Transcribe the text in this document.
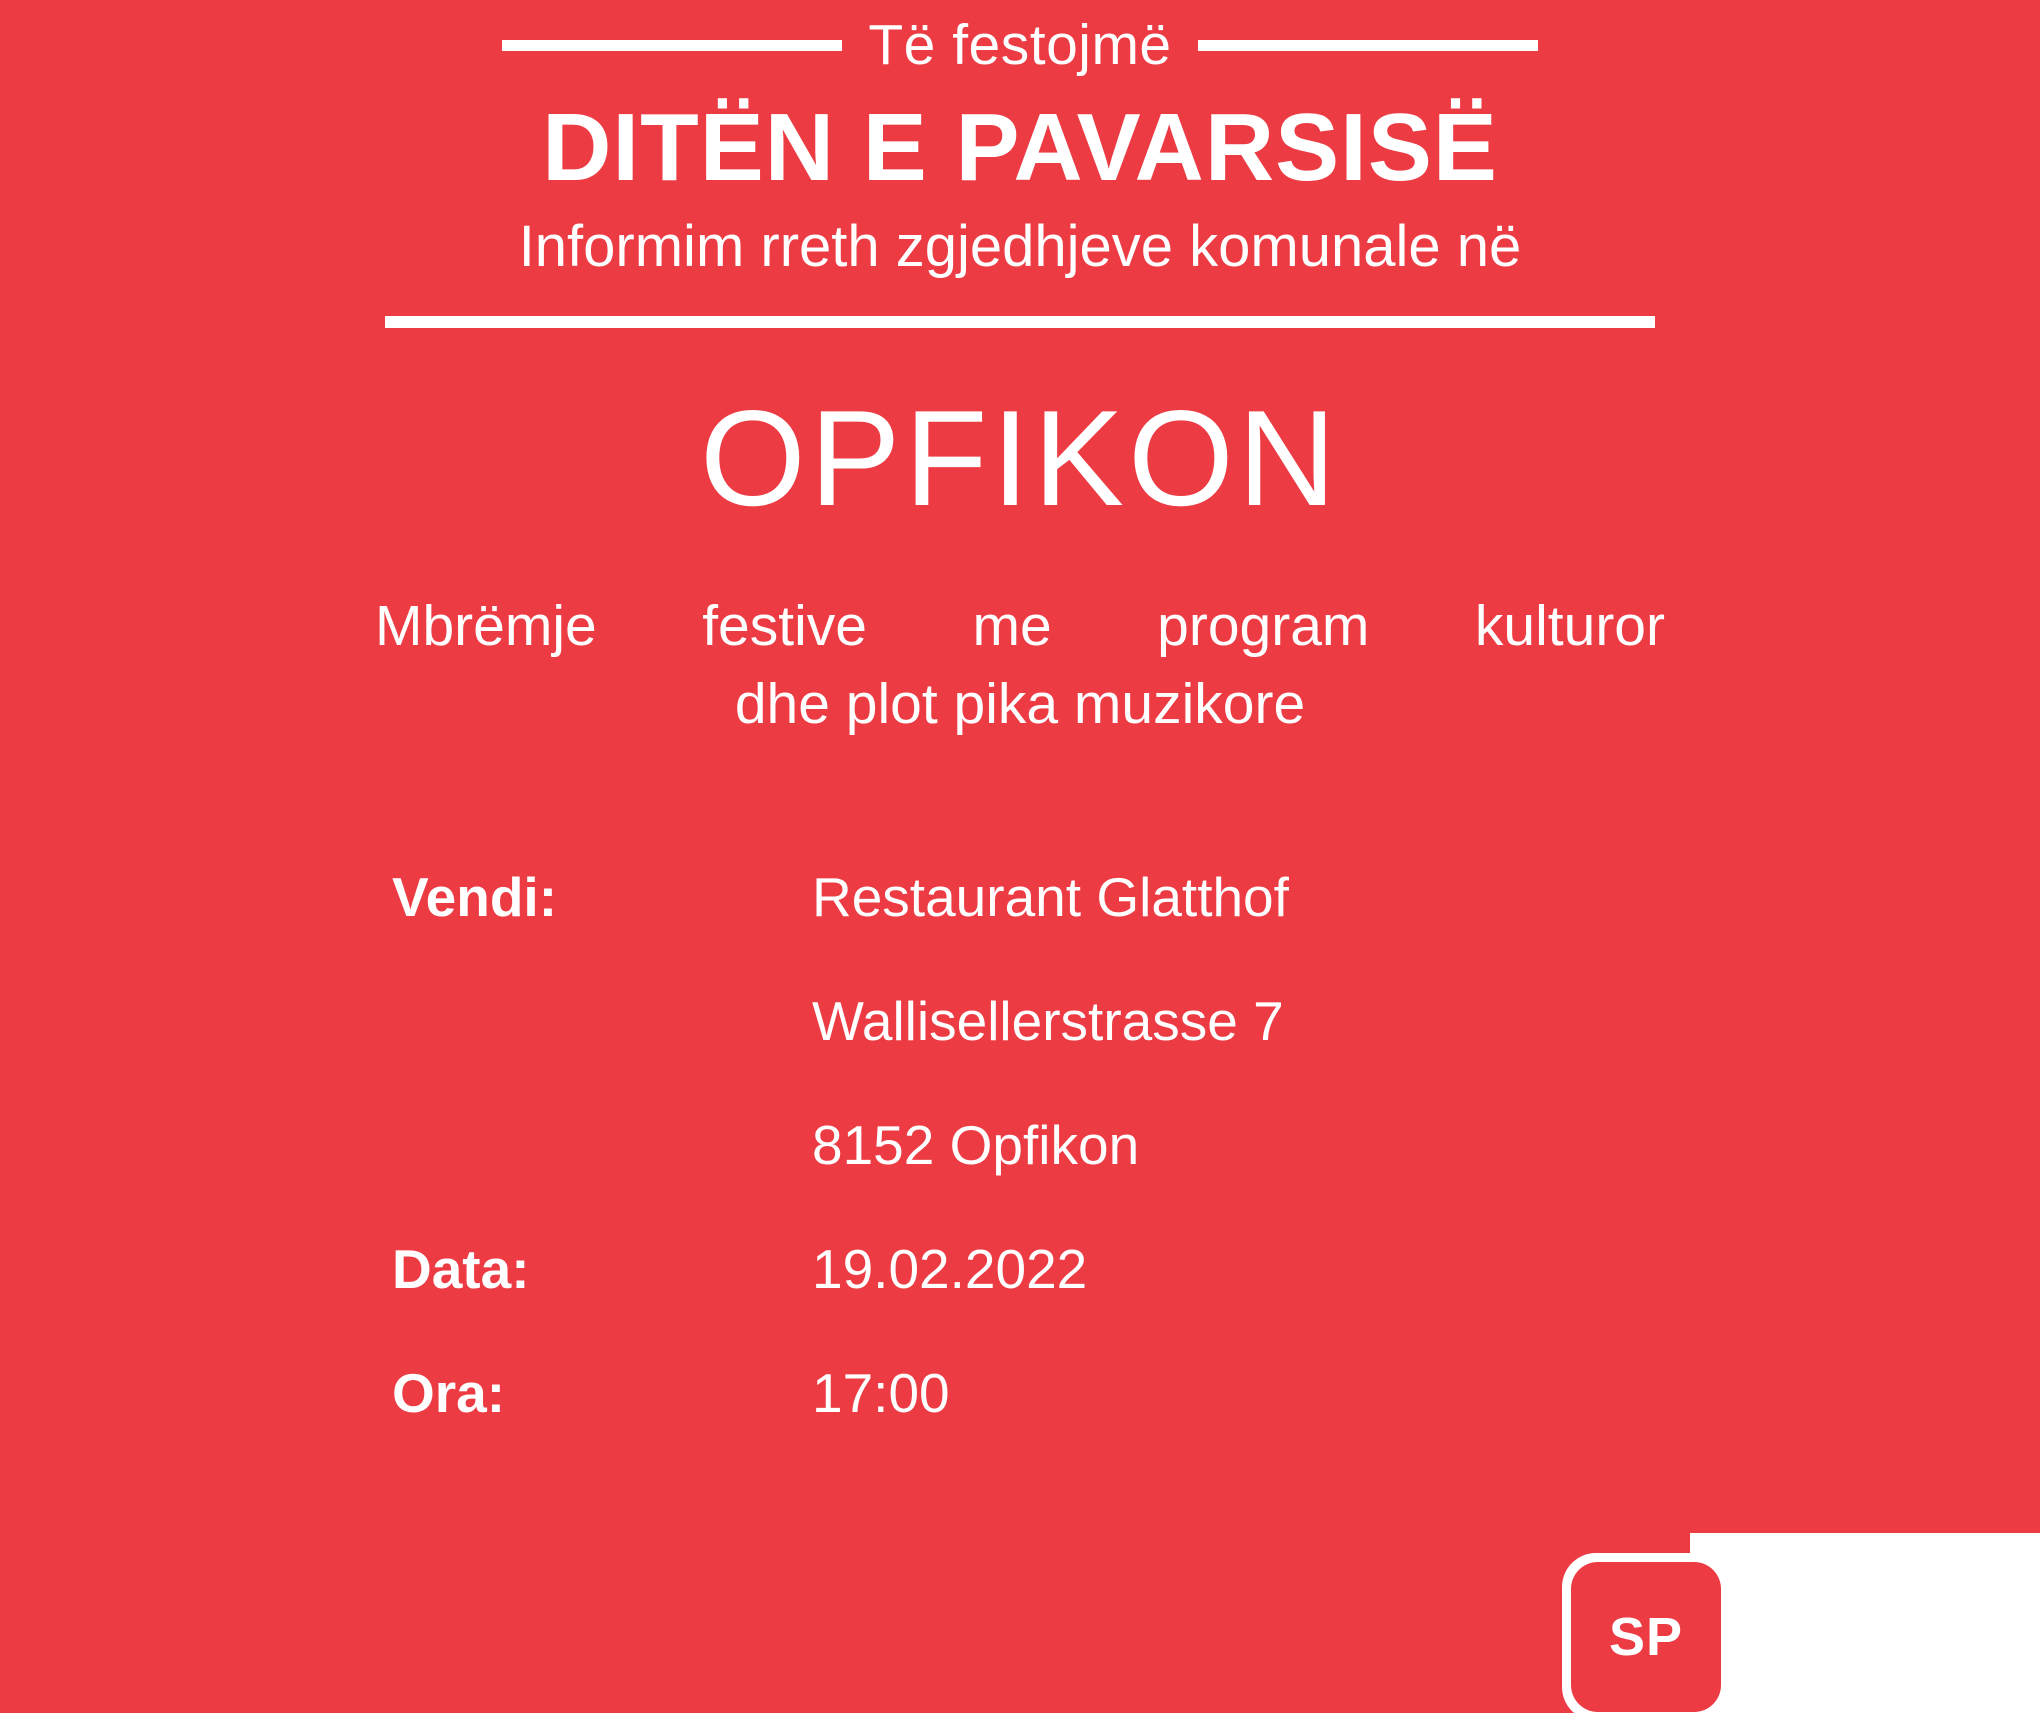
Të festojmë
DITËN E PAVARSISË
Informim rreth zgjedhjeve komunale në
OPFIKON
Mbrëmje festive me program kulturor
dhe plot pika muzikore
Vendi:	Restaurant Glatthof
Wallisellerstrasse 7
8152 Opfikon
Data:	19.02.2022
Ora:	17:00
SP
